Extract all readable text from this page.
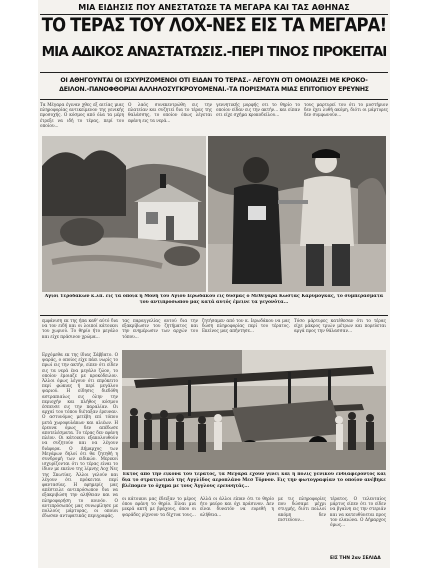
ΜΙΑ ΕΙΔΗΣΙΣ ΠΟΥ ΑΝΕΣΤΑΤΩΣΕ ΤΑ ΜΕΓΑΡΑ ΚΑΙ ΤΑΣ ΑΘΗΝΑΣ
ΤΟ ΤΕΡΑΣ ΤΟΥ ΛΟΧ-ΝΕΣ ΕΙΣ ΤΑ ΜΕΓΑΡΑ!
ΜΙΑ ΑΔΙΚΟΣ ΑΝΑΣΤΑΤΩΣΙΣ.-ΠΕΡΙ ΤΙΝΟΣ ΠΡΟΚΕΙΤΑΙ
ΟΙ ΑΘΗΓΟΥΝΤΑΙ ΟΙ ΙΣΧΥΡΙΖΟΜΕΝΟΙ ΟΤΙ ΕΙΔΑΝ ΤΟ ΤΕΡΑΣ.- ΛΕΓΟΥΝ ΟΤΙ ΟΜΟΙΑΖΕΙ ΜΕ ΚΡΟΚΟ-
ΔΕΙΛΟΝ.-ΠΑΝΟΦΘΟΡΙΑΙ ΑΛΛΗΛΟΣΥΓΚΡΟΥΟΜΕΝΑΙ.-ΤΑ ΠΟΡΙΣΜΑΤΑ ΜΙΑΣ ΕΠΙΤΟΠΙΟΥ ΕΡΕΥΝΗΣ
Τα Μέγαρα έγιναν χθες εξ αιτίας μιας πληροφορίας αντικείμενον της γενικής προσοχής. Ο κόσμος από όλα τα μέρη έτρεξε να ιδή το τέρας, περί του οποίου...
Ο λαός συνεκεντρώθη εις την πλατείαν και συζητεί δια το τέρας της θαλάσσης, το οποίον όπως λέγεται εφάνη εις τα νερά...
γεννητικής μορφής οτι το θηρίο το οποίον είδαν εις την ακτήν... και είπαν οτι είχε σχήμα κροκοδείλου...
τους μαρτυρεί του ότι το μυστήριον δεν έχει λυθή ακόμη, διότι οι μάρτυρες δεν συμφωνούν...
Άγιοι Τεροδάκων κ.λπ. εις τα οποία η Μονή του Αγίου Ιερωδάκου εις δυσμάς ο Μεθέγαρα Κώστας Καρυμόγκας, το συμπεράσματα του αντιπροσωπου μας κατά αυτός έμεινε τα γεγονότα...
εμφάνιση εκ της ήπα καθ' αύτό δια να τον ειδή και οι λοιποί κάτοικοι του χωριού. Το θηρίο ήτο μεγάλο και είχε πράσινον χρώμα...
τας παραγγελίας αυτού δια την εξακρίβωσιν του ζητήματος και την ενημέρωσιν των αρχών του τόπου...
ζητήσαμεν από τον κ. Ιερωδάκου να μας δώση πληροφορίας περί του τέρατος. Εκείνος μας απήντησε...
Τόσο μάρτυρες κατέθεσαν ότι το τέρας είχε μάκρος τριών μέτρων και πορεύεται αργά προς την θάλασσαν...
Ερχόμεθα εκ της ίδιας Σάββατο. Ο ψαράς, ο οποίος είχε πάει νωρίς το πρωί εις την ακτήν, είπεν ότι είδεν εις τα νερά ένα μεγάλο ζώον, το οποίον έμοιαζε με κροκόδειλον. Άλλοι όμως λέγουν ότι επρόκειτο περί φώκιας ή περί μεγάλου ψαριού. Η είδησις διεδόθη αστραπιαίως εις όλην την περιοχήν και πλήθος κόσμου έσπευσε εις την παραλίαν. Οι αρχαί του τόπου διέταξαν έρευναν. Ο αστυνόμος μετέβη επί τόπου μετά χωροφυλάκων και αλιέων. Η έρευνα όμως δεν απέδωσε αποτελέσματα. Το τέρας δεν εφάνη πλέον. Οι κάτοικοι εξακολουθούν να συζητούν και να λέγουν διάφορα. Ο Δήμαρχος των Μεγάρων δηλοί ότι θα ζητηθή η συνδρομή των ειδικών. Μερικοί ισχυρίζονται ότι το τέρας είναι το ίδιον με εκείνο της λίμνης Λοχ Νες της Σκωτίας. Άλλοι γελούν και λέγουν ότι πρόκειται περί φαντασίας. Η εφημερίς μας απέστειλε αντιπρόσωπον δια να εξακριβώση την αλήθειαν και να πληροφορήση το κοινόν. Ο αντιπρόσωπός μας συνωμίλησε με πολλούς μάρτυρας, οι οποίοι έδωσαν αντιφατικάς περιγραφάς.
Έκτός από την εικόνα του τέρατος, τα Μέγαρα έχουν γίνει και η πόλις γενικού ενδιαφέροντος και δια το στρατιωτικό της Αγγλίδος αεροπλάνο Μεσ Τόρνον. Εις την φωτογραφίαν το οποίον ανέβηκε βλέπομεν το όχημα με τους Άγγλους ερευνητάς...
οι κάτοικοι μας έδειξαν το μέρος όπου εφάνη το θηρίο. Είναι μια μικρά ακτή με βράχους, όπου οι ψαράδες ρίχνουν τα δίχτυα τους...
Αλλά οι άλλοι είπαν ότι το θηρίο ήτο μαύρο και όχι πράσινον. Δεν είναι δυνατόν να ευρεθή η αλήθεια...
με τις πληροφορίες που δώσαμε μέχρι στιγμής, διότι πολλοί ακόμη δεν πιστεύουν...
τέρατος. Ο τελευταίος μάρτυς είπεν ότι το είδεν να βγαίνη εις την στεριάν και να κατευθύνεται προς τον ελαιώνα. Ο Δήμαρχος όμως...
ΕΙΣ ΤΗΝ 2αν ΣΕΛΙΔΑ
